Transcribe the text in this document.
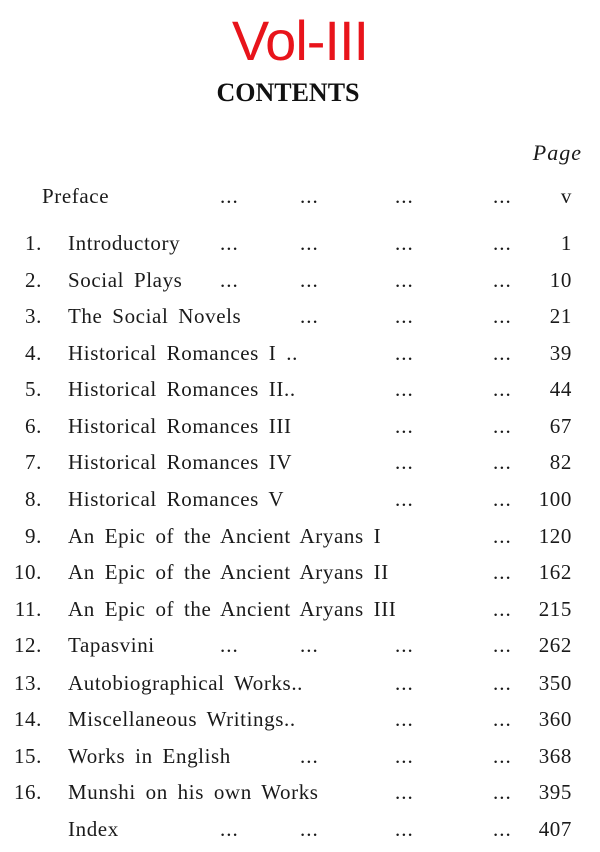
Vol-III
CONTENTS
Page
Preface	...	...	...	... v
1. Introductory ...	...	...	... 1
2. Social Plays ...	...	...	... 10
3. The Social Novels	...	...	... 21
4. Historical Romances I ..	...	... 39
5. Historical Romances II..	...	... 44
6. Historical Romances III	...	... 67
7. Historical Romances IV	...	... 82
8. Historical Romances V	...	... 100
9. An Epic of the Ancient Aryans I	... 120
10. An Epic of the Ancient Aryans II	... 162
11. An Epic of the Ancient Aryans III	... 215
12. Tapasvini	...	...	...	... 262
13. Autobiographical Works..	...	... 350
14. Miscellaneous Writings..	...	... 360
15. Works in English	...	...	... 368
16. Munshi on his own Works	...	... 395
Index	...	...	...	... 407
